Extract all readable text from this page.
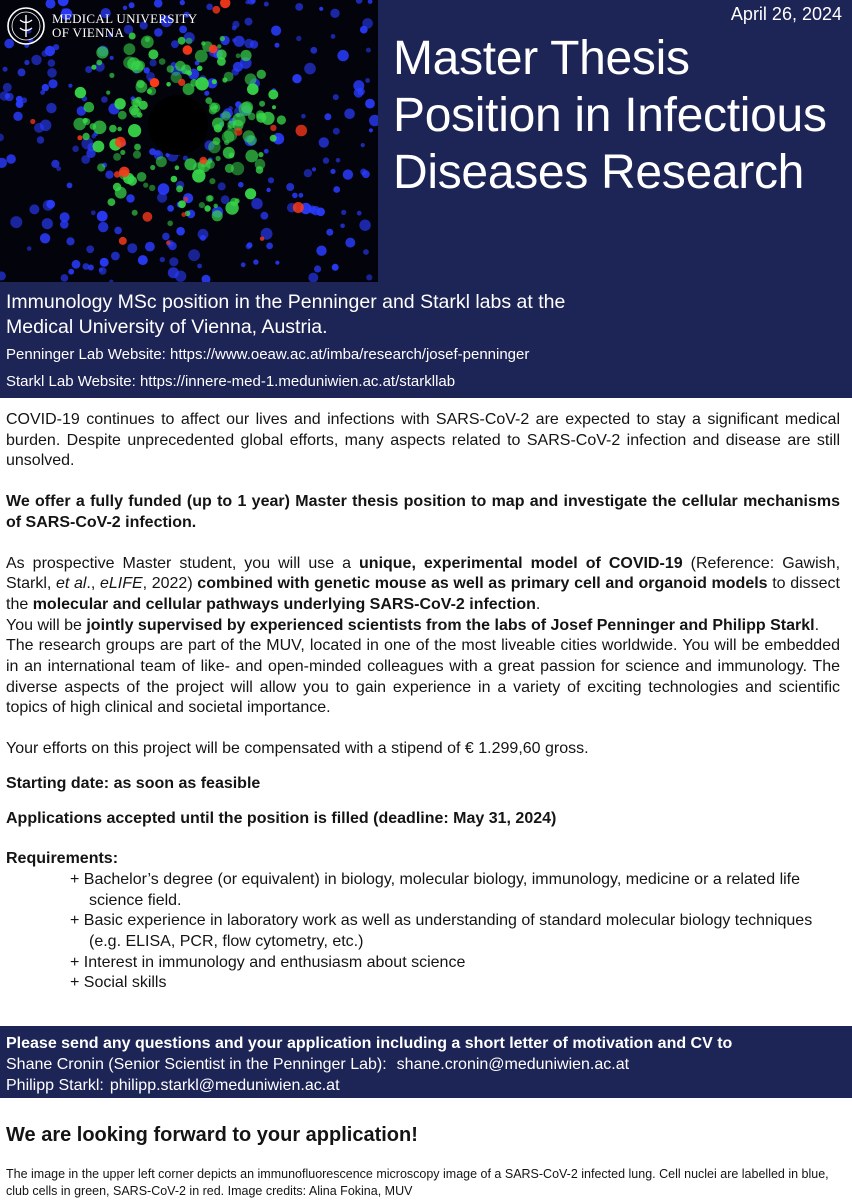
MEDICAL UNIVERSITY
OF VIENNA
April 26, 2024
Master Thesis Position in Infectious Diseases Research
Immunology MSc position in the Penninger and Starkl labs at the Medical University of Vienna, Austria.
Penninger Lab Website: https://www.oeaw.ac.at/imba/research/josef-penninger
Starkl Lab Website: https://innere-med-1.meduniwien.ac.at/starkllab

COVID-19 continues to affect our lives and infections with SARS-CoV-2 are expected to stay a significant medical burden. Despite unprecedented global efforts, many aspects related to SARS-CoV-2 infection and disease are still unsolved.

We offer a fully funded (up to 1 year) Master thesis position to map and investigate the cellular mechanisms of SARS-CoV-2 infection.

As prospective Master student, you will use a unique, experimental model of COVID-19 (Reference: Gawish, Starkl, et al., eLIFE, 2022) combined with genetic mouse as well as primary cell and organoid models to dissect the molecular and cellular pathways underlying SARS-CoV-2 infection.

You will be jointly supervised by experienced scientists from the labs of Josef Penninger and Philipp Starkl.

The research groups are part of the MUV, located in one of the most liveable cities worldwide. You will be embedded in an international team of like- and open-minded colleagues with a great passion for science and immunology. The diverse aspects of the project will allow you to gain experience in a variety of exciting technologies and scientific topics of high clinical and societal importance.

Your efforts on this project will be compensated with a stipend of € 1.299,60 gross.

Starting date: as soon as feasible

Applications accepted until the position is filled (deadline: May 31, 2024)

Requirements:

+ Bachelor’s degree (or equivalent) in biology, molecular biology, immunology, medicine or a related life science field.
+ Basic experience in laboratory work as well as understanding of standard molecular biology techniques (e.g. ELISA, PCR, flow cytometry, etc.)
+ Interest in immunology and enthusiasm about science
+ Social skills
Please send any questions and your application including a short letter of motivation and CV to
Shane Cronin (Senior Scientist in the Penninger Lab): shane.cronin@meduniwien.ac.at
Philipp Starkl: philipp.starkl@meduniwien.ac.at
We are looking forward to your application!

The image in the upper left corner depicts an immunofluorescence microscopy image of a SARS-CoV-2 infected lung. Cell nuclei are labelled in blue, club cells in green, SARS-CoV-2 in red. Image credits: Alina Fokina, MUV
